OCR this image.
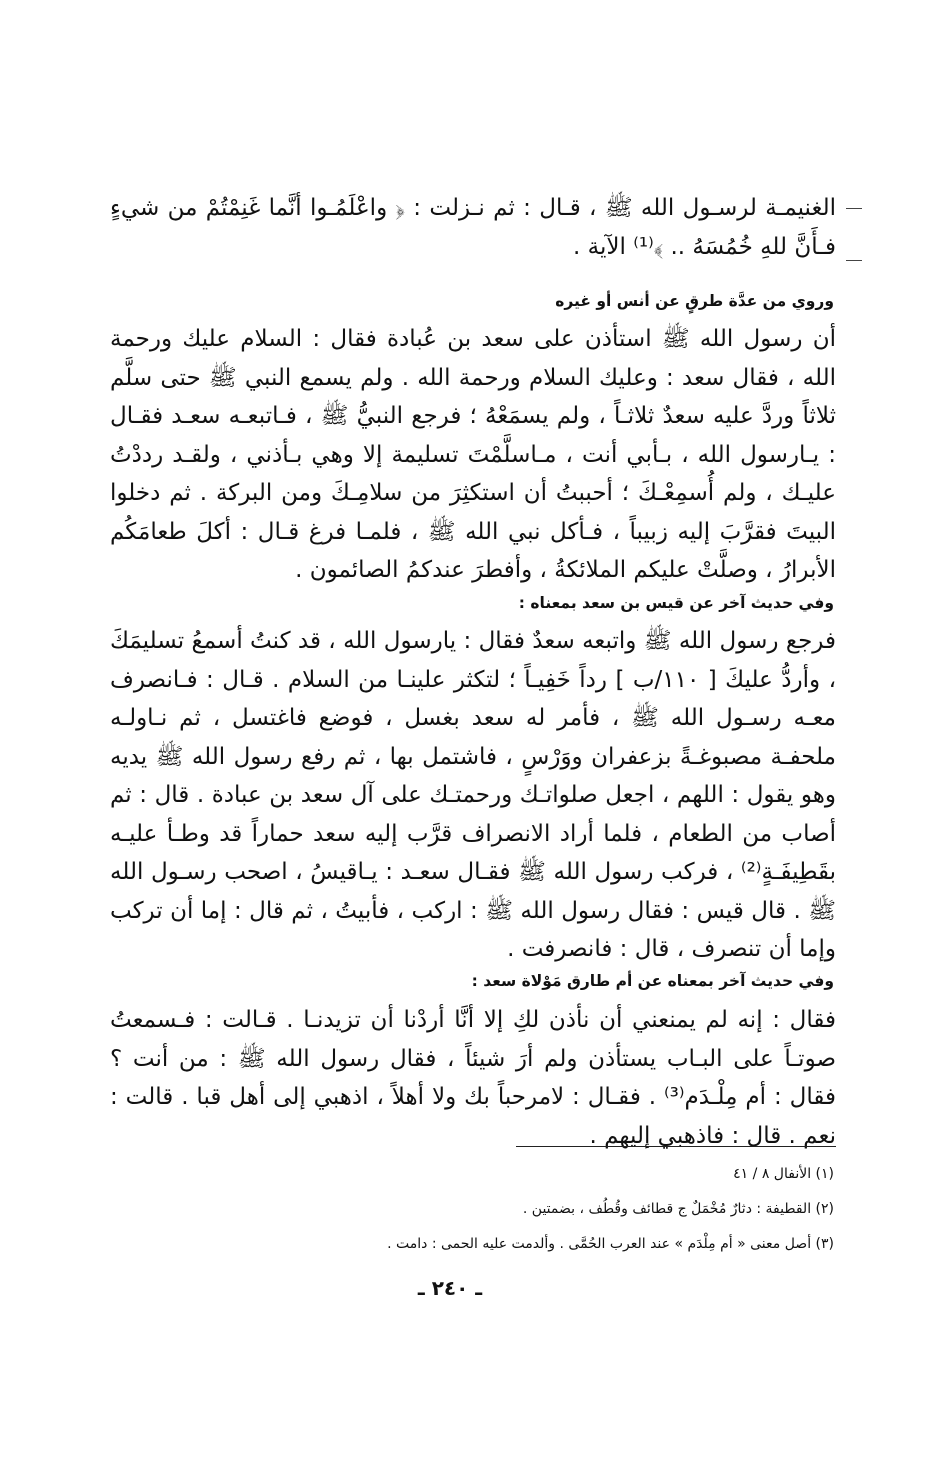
الغنيمـة لرسـول الله ﷺ ، قـال : ثم نـزلت : ﴿ واعْلَمُـوا أنَّما غَنِمْتُمْ من شيءٍ فـأَنَّ للهِ خُمُسَهُ .. ﴾⁽¹⁾ الآية .

وروي من عدَّة طرقٍ عن أنس أو غيره

أن رسول الله ﷺ استأذن على سعد بن عُبادة فقال : السلام عليك ورحمة الله ، فقال سعد : وعليك السلام ورحمة الله . ولم يسمع النبي ﷺ حتى سلَّم ثلاثاً وردَّ عليه سعدٌ ثلاثـاً ، ولم يسمَعْهُ ؛ فرجع النبيُّ ﷺ ، فـاتبعـه سعـد فقـال : يـارسول الله ، بـأبي أنت ، مـاسلَّمْتَ تسليمة إلا وهي بـأذني ، ولقـد رددْتُ عليـك ، ولم أُسمِعْـكَ ؛ أحببتُ أن استكثِرَ من سلامِـكَ ومن البركة . ثم دخلوا البيتَ فقرَّبَ إليه زبيباً ، فـأكل نبي الله ﷺ ، فلمـا فرغ قـال : أكلَ طعامَكُم الأبرارُ ، وصلَّتْ عليكم الملائكةُ ، وأفطرَ عندكمُ الصائمون .

وفي حديث آخر عن قيس بن سعد بمعناه :

فرجع رسول الله ﷺ واتبعه سعدٌ فقال : يارسول الله ، قد كنتُ أسمعُ تسليمَكَ ، وأردُّ عليكَ [ ١١٠/ب ] رداً خَفِيـاً ؛ لتكثر علينـا من السلام . قـال : فـانصرف معـه رسـول الله ﷺ ، فأمر له سعد بغسل ، فوضع فاغتسل ، ثم نـاولـه ملحفـة مصبوغـةً بزعفران ووَرْسٍ ، فاشتمل بها ، ثم رفع رسول الله ﷺ يديه وهو يقول : اللهم ، اجعل صلواتـك ورحمتـك على آل سعد بن عبادة . قال : ثم أصاب من الطعام ، فلما أراد الانصراف قرَّب إليه سعد حماراً قد وطـأ عليـه بقَطِيفَـةٍ⁽²⁾ ، فركب رسول الله ﷺ فقـال سعـد : يـاقيسُ ، اصحب رسـول الله ﷺ . قال قيس : فقال رسول الله ﷺ : اركب ، فأبيتُ ، ثم قال : إما أن تركب وإما أن تنصرف ، قال : فانصرفت .

وفي حديث آخر بمعناه عن أم طارق مَوْلاة سعد :

فقال : إنه لم يمنعني أن نأذن لكِ إلا أنَّا أردْنا أن تزيدنـا . قـالت : فـسمعتُ صوتـاً على البـاب يستأذن ولم أرَ شيئاً ، فقال رسول الله ﷺ : من أنت ؟ فقال : أم مِلْـدَم⁽³⁾ . فقـال : لامرحباً بك ولا أهلاً ، اذهبي إلى أهل قبا . قالت : نعم . قال : فاذهبي إليهم .

(١) الأنفال ٨ / ٤١
(٢) القطيفة : دثارٌ مُخْمَلٌ ج قطائف وقُطُف ، بضمتين .
(٣) أصل معنى « أم مِلْدَم » عند العرب الحُمَّى . وألدمت عليه الحمى : دامت .
ـ ٢٤٠ ـ
